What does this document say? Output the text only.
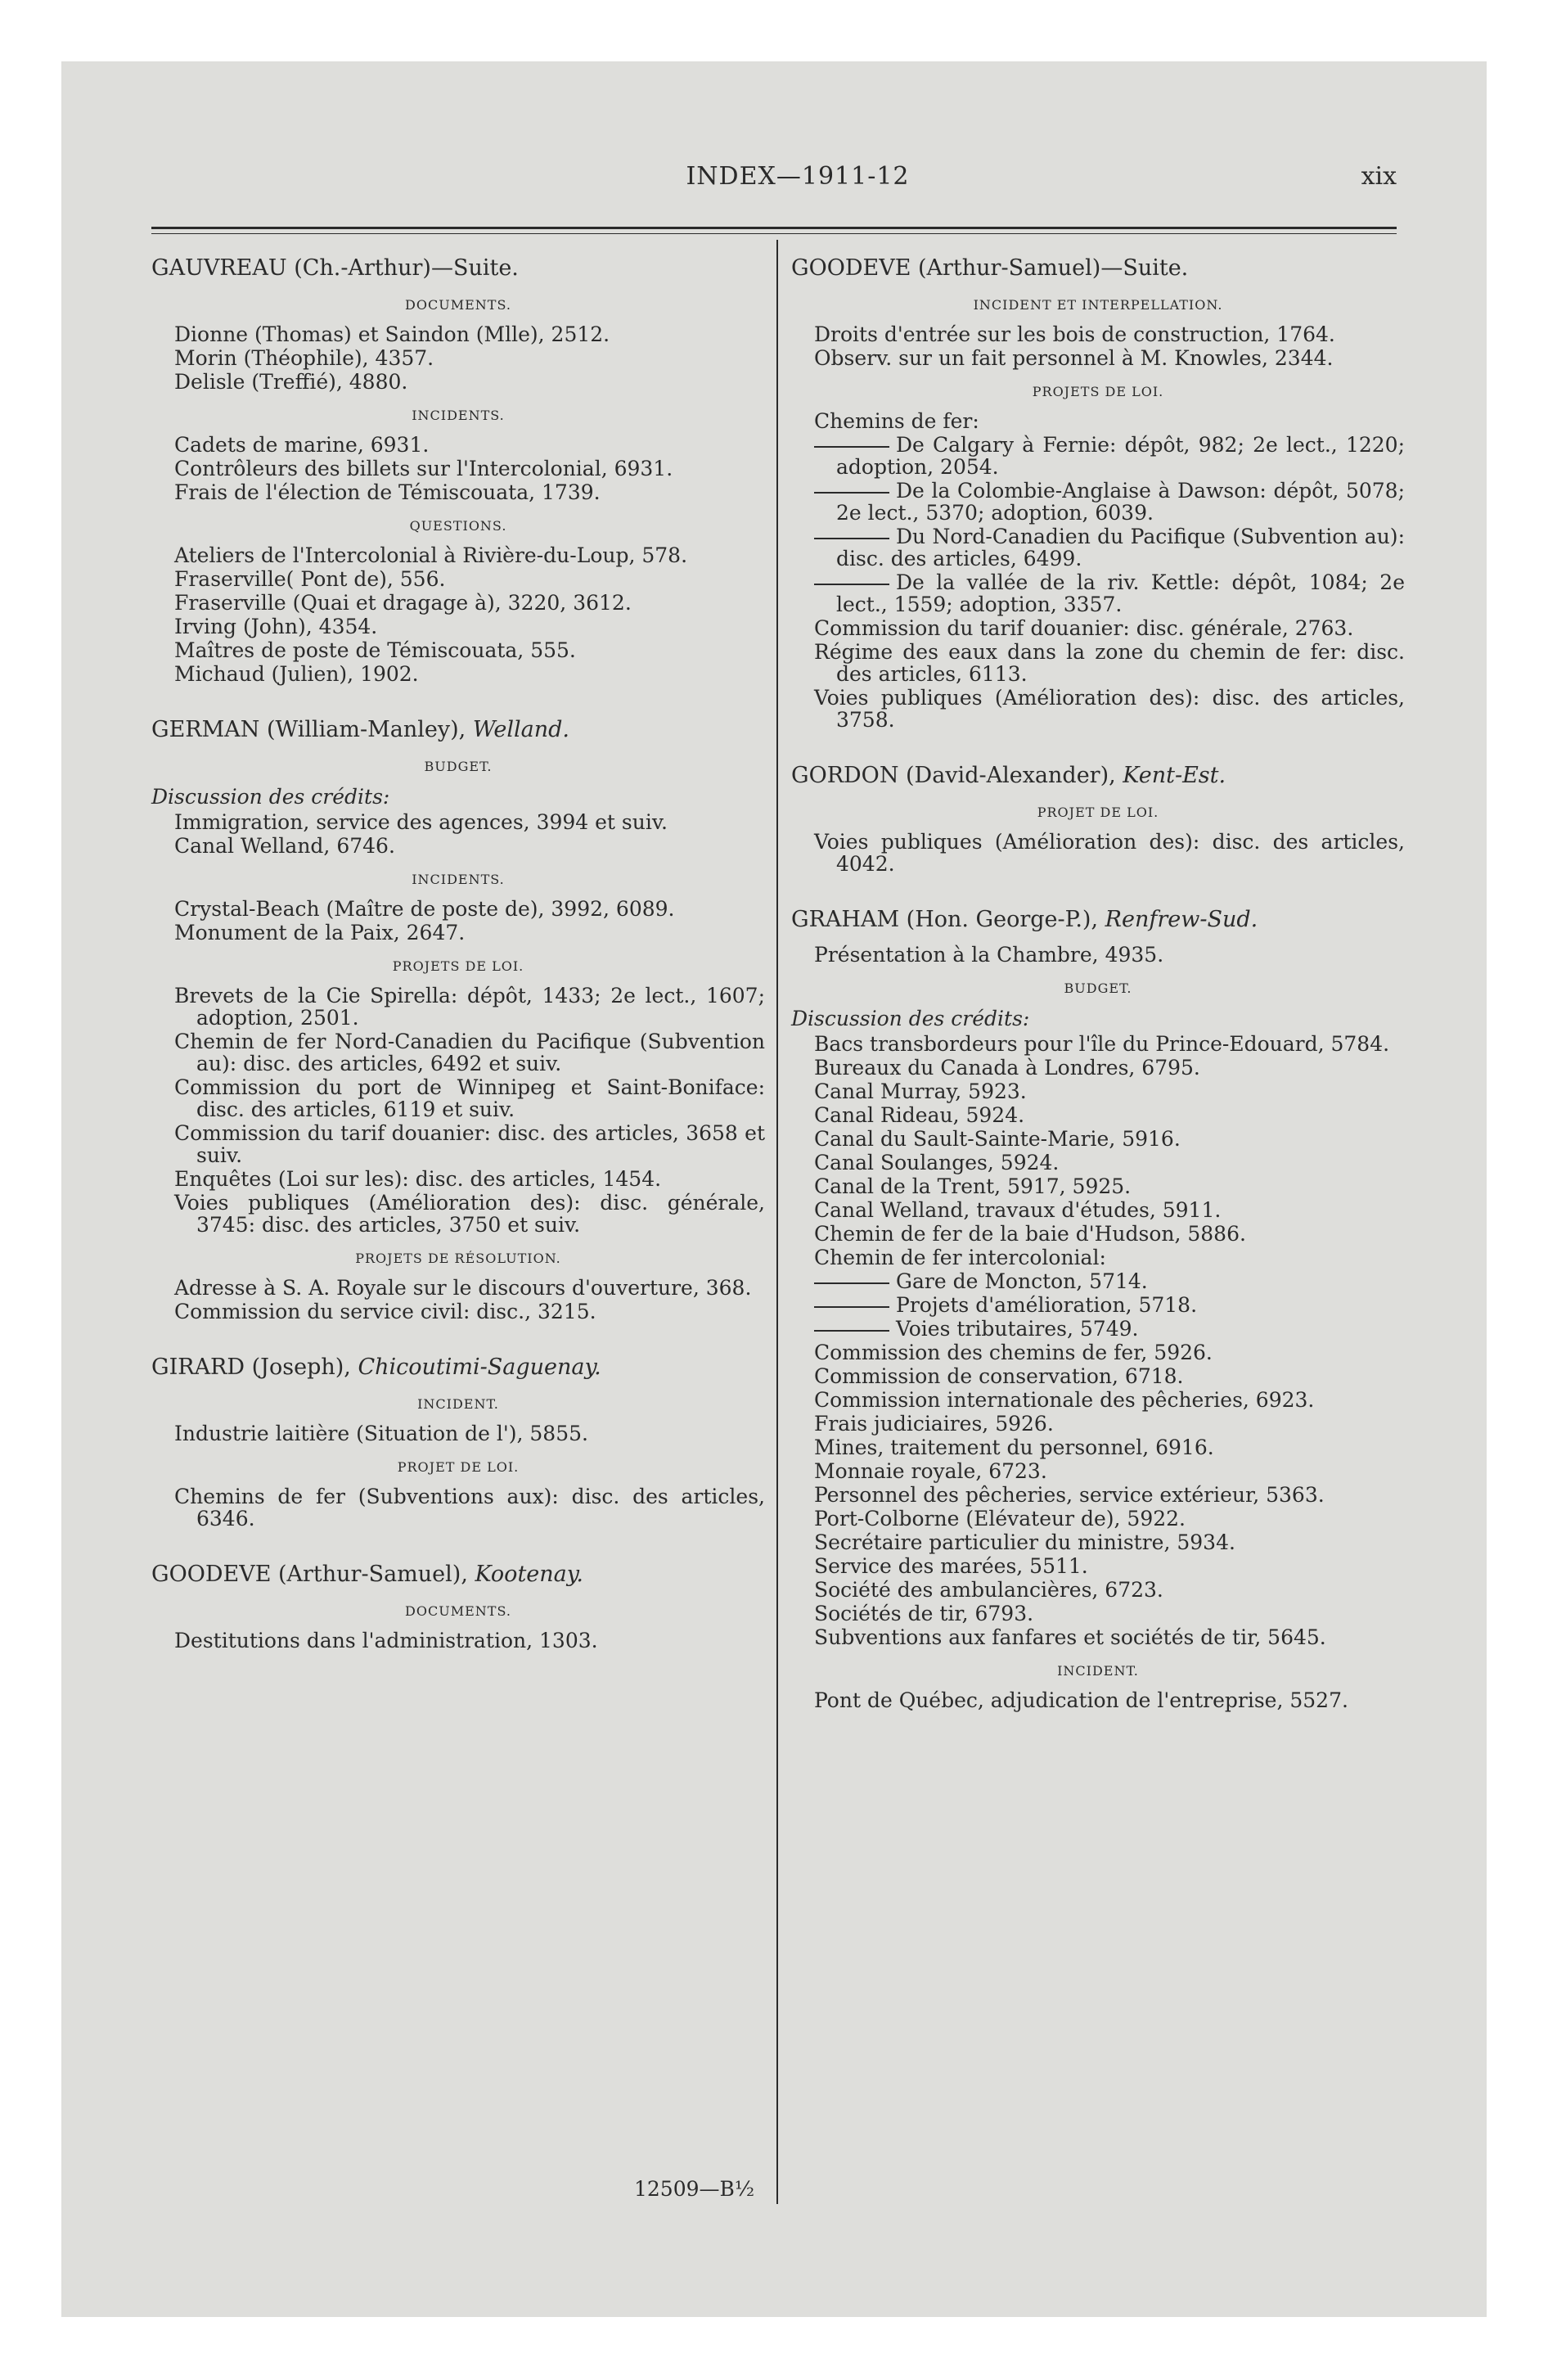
INDEX—1911-12	xix
GAUVREAU (Ch.-Arthur)—Suite.
DOCUMENTS.
Dionne (Thomas) et Saindon (Mlle), 2512.
Morin (Théophile), 4357.
Delisle (Treffié), 4880.
INCIDENTS.
Cadets de marine, 6931.
Contrôleurs des billets sur l'Intercolonial, 6931.
Frais de l'élection de Témiscouata, 1739.
QUESTIONS.
Ateliers de l'Intercolonial à Rivière-du-Loup, 578.
Fraserville( Pont de), 556.
Fraserville (Quai et dragage à), 3220, 3612.
Irving (John), 4354.
Maîtres de poste de Témiscouata, 555.
Michaud (Julien), 1902.
GERMAN (William-Manley), Welland.
BUDGET.
Discussion des crédits:
Immigration, service des agences, 3994 et suiv.
Canal Welland, 6746.
INCIDENTS.
Crystal-Beach (Maître de poste de), 3992, 6089.
Monument de la Paix, 2647.
PROJETS DE LOI.
Brevets de la Cie Spirella: dépôt, 1433; 2e lect., 1607; adoption, 2501.
Chemin de fer Nord-Canadien du Pacifique (Subvention au): disc. des articles, 6492 et suiv.
Commission du port de Winnipeg et Saint-Boniface: disc. des articles, 6119 et suiv.
Commission du tarif douanier: disc. des articles, 3658 et suiv.
Enquêtes (Loi sur les): disc. des articles, 1454.
Voies publiques (Amélioration des): disc. générale, 3745: disc. des articles, 3750 et suiv.
PROJETS DE RÉSOLUTION.
Adresse à S. A. Royale sur le discours d'ouverture, 368.
Commission du service civil: disc., 3215.
GIRARD (Joseph), Chicoutimi-Saguenay.
INCIDENT.
Industrie laitière (Situation de l'), 5855.
PROJET DE LOI.
Chemins de fer (Subventions aux): disc. des articles, 6346.
GOODEVE (Arthur-Samuel), Kootenay.
DOCUMENTS.
Destitutions dans l'administration, 1303.
GOODEVE (Arthur-Samuel)—Suite.
INCIDENT ET INTERPELLATION.
Droits d'entrée sur les bois de construction, 1764.
Observ. sur un fait personnel à M. Knowles, 2344.
PROJETS DE LOI.
Chemins de fer:
De Calgary à Fernie: dépôt, 982; 2e lect., 1220; adoption, 2054.
De la Colombie-Anglaise à Dawson: dépôt, 5078; 2e lect., 5370; adoption, 6039.
Du Nord-Canadien du Pacifique (Subvention au): disc. des articles, 6499.
De la vallée de la riv. Kettle: dépôt, 1084; 2e lect., 1559; adoption, 3357.
Commission du tarif douanier: disc. générale, 2763.
Régime des eaux dans la zone du chemin de fer: disc. des articles, 6113.
Voies publiques (Amélioration des): disc. des articles, 3758.
GORDON (David-Alexander), Kent-Est.
PROJET DE LOI.
Voies publiques (Amélioration des): disc. des articles, 4042.
GRAHAM (Hon. George-P.), Renfrew-Sud.
Présentation à la Chambre, 4935.
BUDGET.
Discussion des crédits:
Bacs transbordeurs pour l'île du Prince-Edouard, 5784.
Bureaux du Canada à Londres, 6795.
Canal Murray, 5923.
Canal Rideau, 5924.
Canal du Sault-Sainte-Marie, 5916.
Canal Soulanges, 5924.
Canal de la Trent, 5917, 5925.
Canal Welland, travaux d'études, 5911.
Chemin de fer de la baie d'Hudson, 5886.
Chemin de fer intercolonial:
Gare de Moncton, 5714.
Projets d'amélioration, 5718.
Voies tributaires, 5749.
Commission des chemins de fer, 5926.
Commission de conservation, 6718.
Commission internationale des pêcheries, 6923.
Frais judiciaires, 5926.
Mines, traitement du personnel, 6916.
Monnaie royale, 6723.
Personnel des pêcheries, service extérieur, 5363.
Port-Colborne (Elévateur de), 5922.
Secrétaire particulier du ministre, 5934.
Service des marées, 5511.
Société des ambulancières, 6723.
Sociétés de tir, 6793.
Subventions aux fanfares et sociétés de tir, 5645.
INCIDENT.
Pont de Québec, adjudication de l'entreprise, 5527.
12509—B½
